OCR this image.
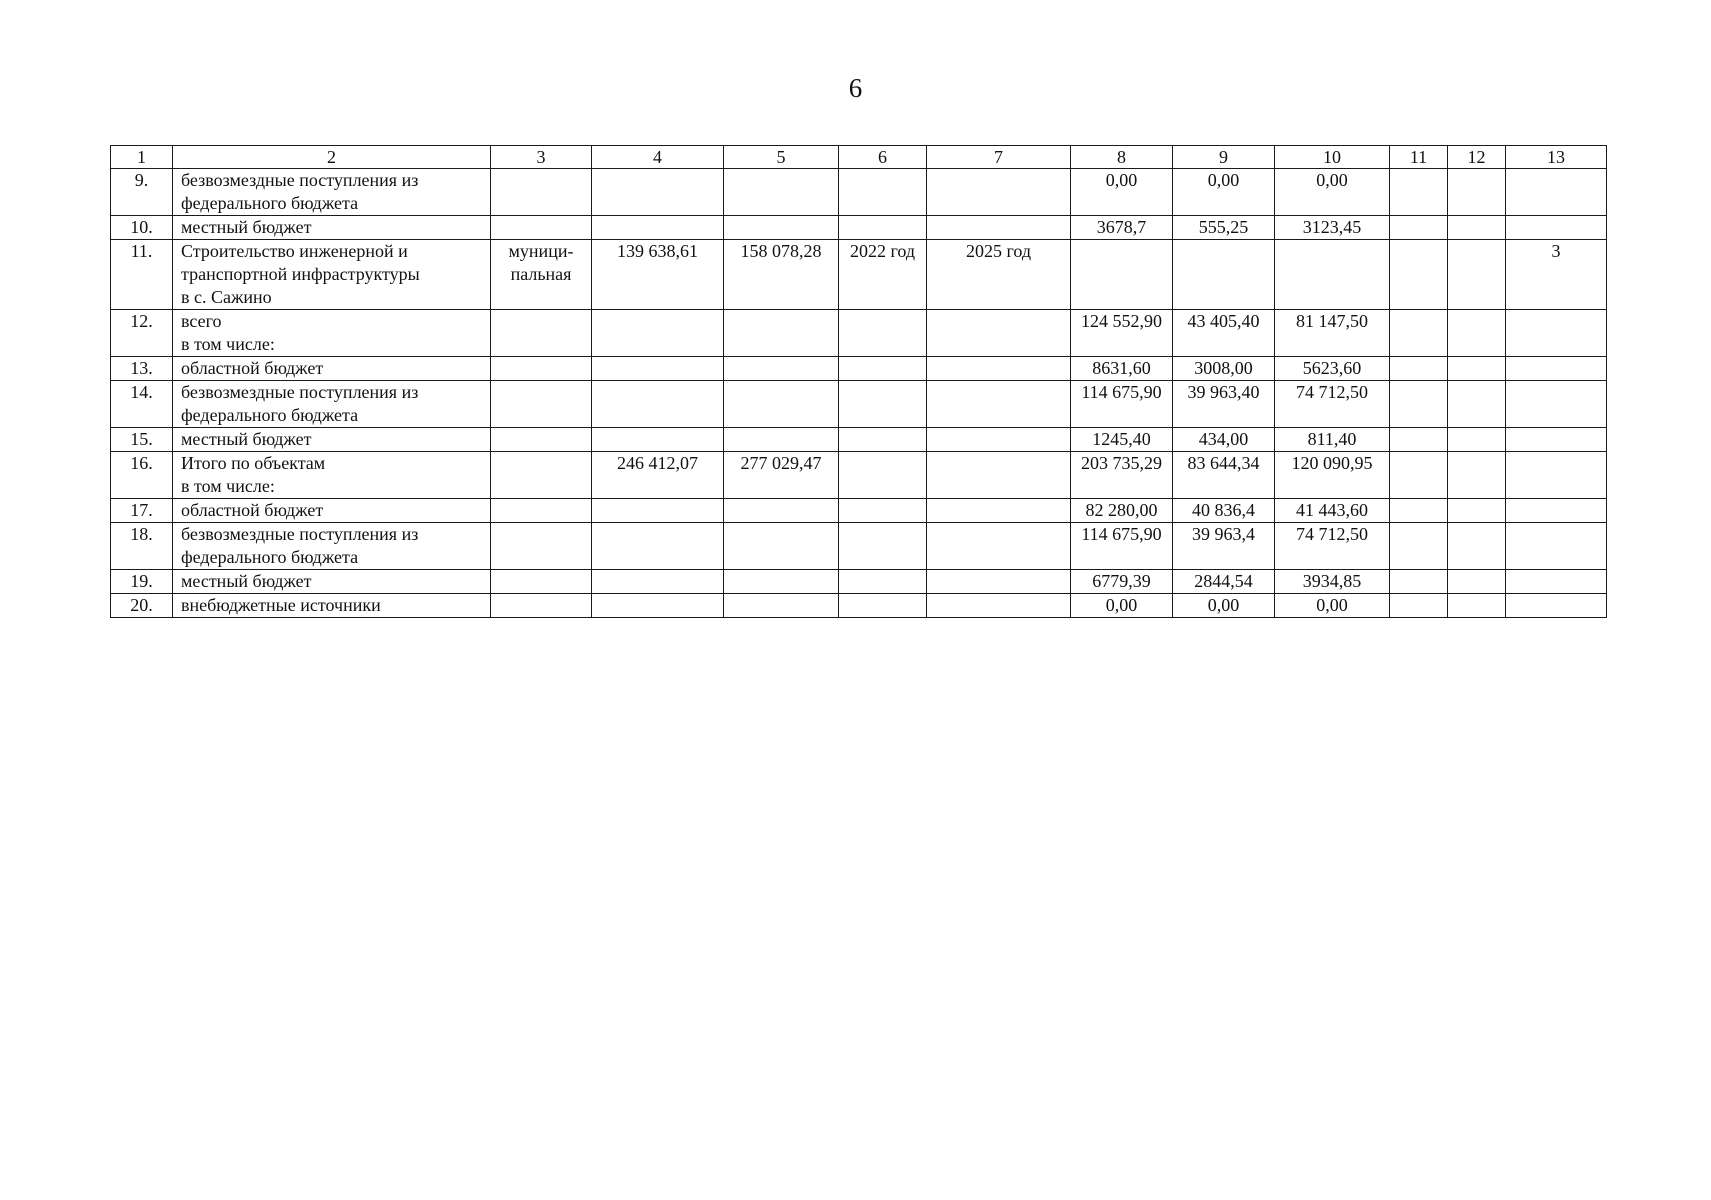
6
1	2	3	4	5	6	7	8	9	10	11	12	13
9.	безвозмездные поступления из
федерального бюджета						0,00	0,00	0,00			
10.	местный бюджет						3678,7	555,25	3123,45			
11.	Строительство инженерной и
транспортной инфраструктуры
в с. Сажино	муници-
пальная	139 638,61	158 078,28	2022 год	2025 год						3
12.	всего
в том числе:						124 552,90	43 405,40	81 147,50			
13.	областной бюджет						8631,60	3008,00	5623,60			
14.	безвозмездные поступления из
федерального бюджета						114 675,90	39 963,40	74 712,50			
15.	местный бюджет						1245,40	434,00	811,40			
16.	Итого по объектам
в том числе:		246 412,07	277 029,47			203 735,29	83 644,34	120 090,95			
17.	областной бюджет						82 280,00	40 836,4	41 443,60			
18.	безвозмездные поступления из
федерального бюджета						114 675,90	39 963,4	74 712,50			
19.	местный бюджет						6779,39	2844,54	3934,85			
20.	внебюджетные источники						0,00	0,00	0,00			
